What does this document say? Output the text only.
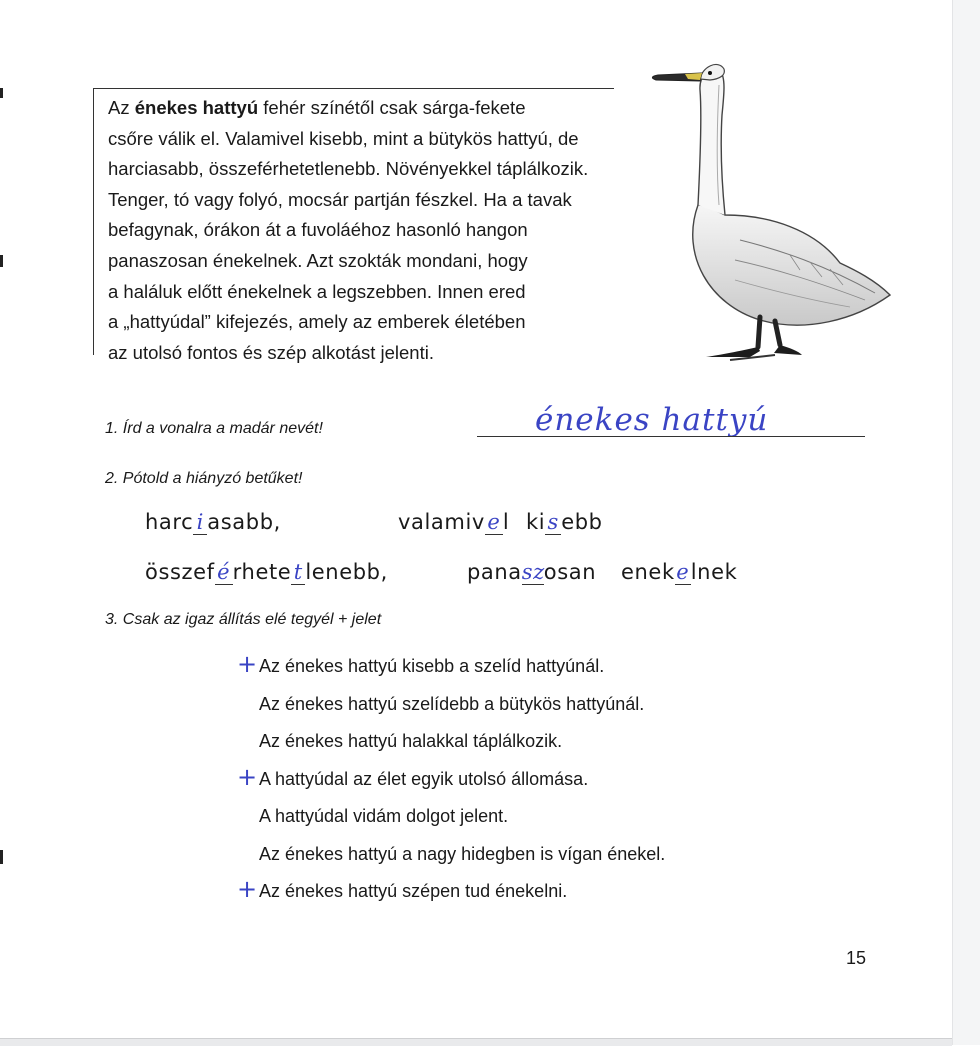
Az énekes hattyú fehér színétől csak sárga-fekete

csőre válik el. Valamivel kisebb, mint a bütykös hattyú, de

harciasabb, összeférhetetlenebb. Növényekkel táplálkozik.

Tenger, tó vagy folyó, mocsár partján fészkel. Ha a tavak

befagynak, órákon át a fuvoláéhoz hasonló hangon

panaszosan énekelnek. Azt szokták mondani, hogy

a haláluk előtt énekelnek a legszebben. Innen ered

a „hattyúdal” kifejezés, amely az emberek életében

az utolsó fontos és szép alkotást jelenti.

1. Írd a vonalra a madár nevét!	énekes hattyú
2. Pótold a hiányzó betűket!
harc i asabb,	valamiv e l ki s ebb
összef é rhete t lenebb,	panaszosan enekelnek
3. Csak az igaz állítás elé tegyél + jelet
+ Az énekes hattyú kisebb a szelíd hattyúnál.
Az énekes hattyú szelídebb a bütykös hattyúnál.
Az énekes hattyú halakkal táplálkozik.
+ A hattyúdal az élet egyik utolsó állomása.
A hattyúdal vidám dolgot jelent.
Az énekes hattyú a nagy hidegben is vígan énekel.
+ Az énekes hattyú szépen tud énekelni.
15
